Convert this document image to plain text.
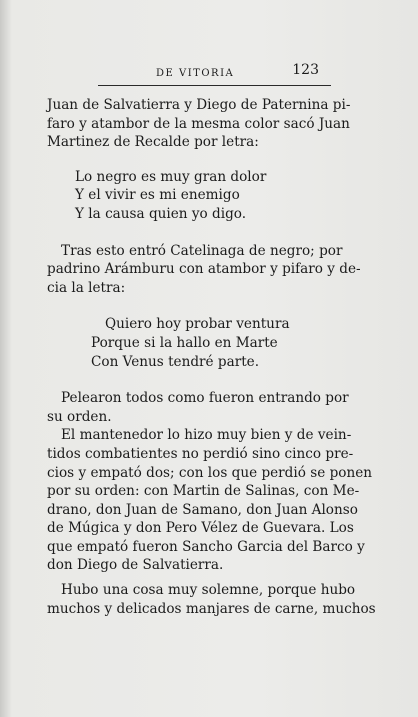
DE VITORIA	123
Juan de Salvatierra y Diego de Paternina pi-
faro y atambor de la mesma color sacó Juan
Martinez de Recalde por letra:
Lo negro es muy gran dolor
Y el vivir es mi enemigo
Y la causa quien yo digo.
Tras esto entró Catelinaga de negro; por
padrino Arámburu con atambor y pifaro y de-
cia la letra:
Quiero hoy probar ventura
Porque si la hallo en Marte
Con Venus tendré parte.
Pelearon todos como fueron entrando por
su orden.
El mantenedor lo hizo muy bien y de vein-
tidos combatientes no perdió sino cinco pre-
cios y empató dos; con los que perdió se ponen
por su orden: con Martin de Salinas, con Me-
drano, don Juan de Samano, don Juan Alonso
de Múgica y don Pero Vélez de Guevara. Los
que empató fueron Sancho Garcia del Barco y
don Diego de Salvatierra.
Hubo una cosa muy solemne, porque hubo
muchos y delicados manjares de carne, muchos
